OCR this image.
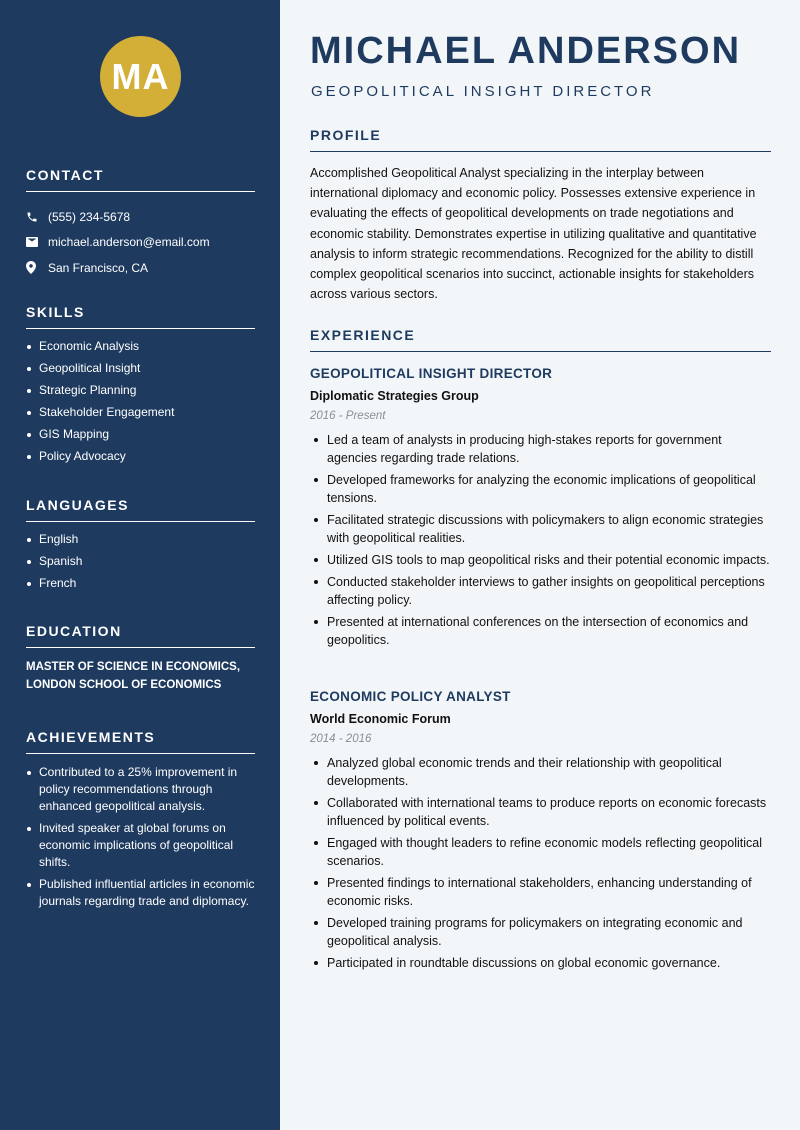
MA
CONTACT
(555) 234-5678
michael.anderson@email.com
San Francisco, CA
SKILLS
Economic Analysis
Geopolitical Insight
Strategic Planning
Stakeholder Engagement
GIS Mapping
Policy Advocacy
LANGUAGES
English
Spanish
French
EDUCATION
MASTER OF SCIENCE IN ECONOMICS, LONDON SCHOOL OF ECONOMICS
ACHIEVEMENTS
Contributed to a 25% improvement in policy recommendations through enhanced geopolitical analysis.
Invited speaker at global forums on economic implications of geopolitical shifts.
Published influential articles in economic journals regarding trade and diplomacy.
MICHAEL ANDERSON
GEOPOLITICAL INSIGHT DIRECTOR
PROFILE

Accomplished Geopolitical Analyst specializing in the interplay between international diplomacy and economic policy. Possesses extensive experience in evaluating the effects of geopolitical developments on trade negotiations and economic stability. Demonstrates expertise in utilizing qualitative and quantitative analysis to inform strategic recommendations. Recognized for the ability to distill complex geopolitical scenarios into succinct, actionable insights for stakeholders across various sectors.

EXPERIENCE
GEOPOLITICAL INSIGHT DIRECTOR
Diplomatic Strategies Group
2016 - Present
Led a team of analysts in producing high-stakes reports for government agencies regarding trade relations.
Developed frameworks for analyzing the economic implications of geopolitical tensions.
Facilitated strategic discussions with policymakers to align economic strategies with geopolitical realities.
Utilized GIS tools to map geopolitical risks and their potential economic impacts.
Conducted stakeholder interviews to gather insights on geopolitical perceptions affecting policy.
Presented at international conferences on the intersection of economics and geopolitics.
ECONOMIC POLICY ANALYST
World Economic Forum
2014 - 2016
Analyzed global economic trends and their relationship with geopolitical developments.
Collaborated with international teams to produce reports on economic forecasts influenced by political events.
Engaged with thought leaders to refine economic models reflecting geopolitical scenarios.
Presented findings to international stakeholders, enhancing understanding of economic risks.
Developed training programs for policymakers on integrating economic and geopolitical analysis.
Participated in roundtable discussions on global economic governance.
